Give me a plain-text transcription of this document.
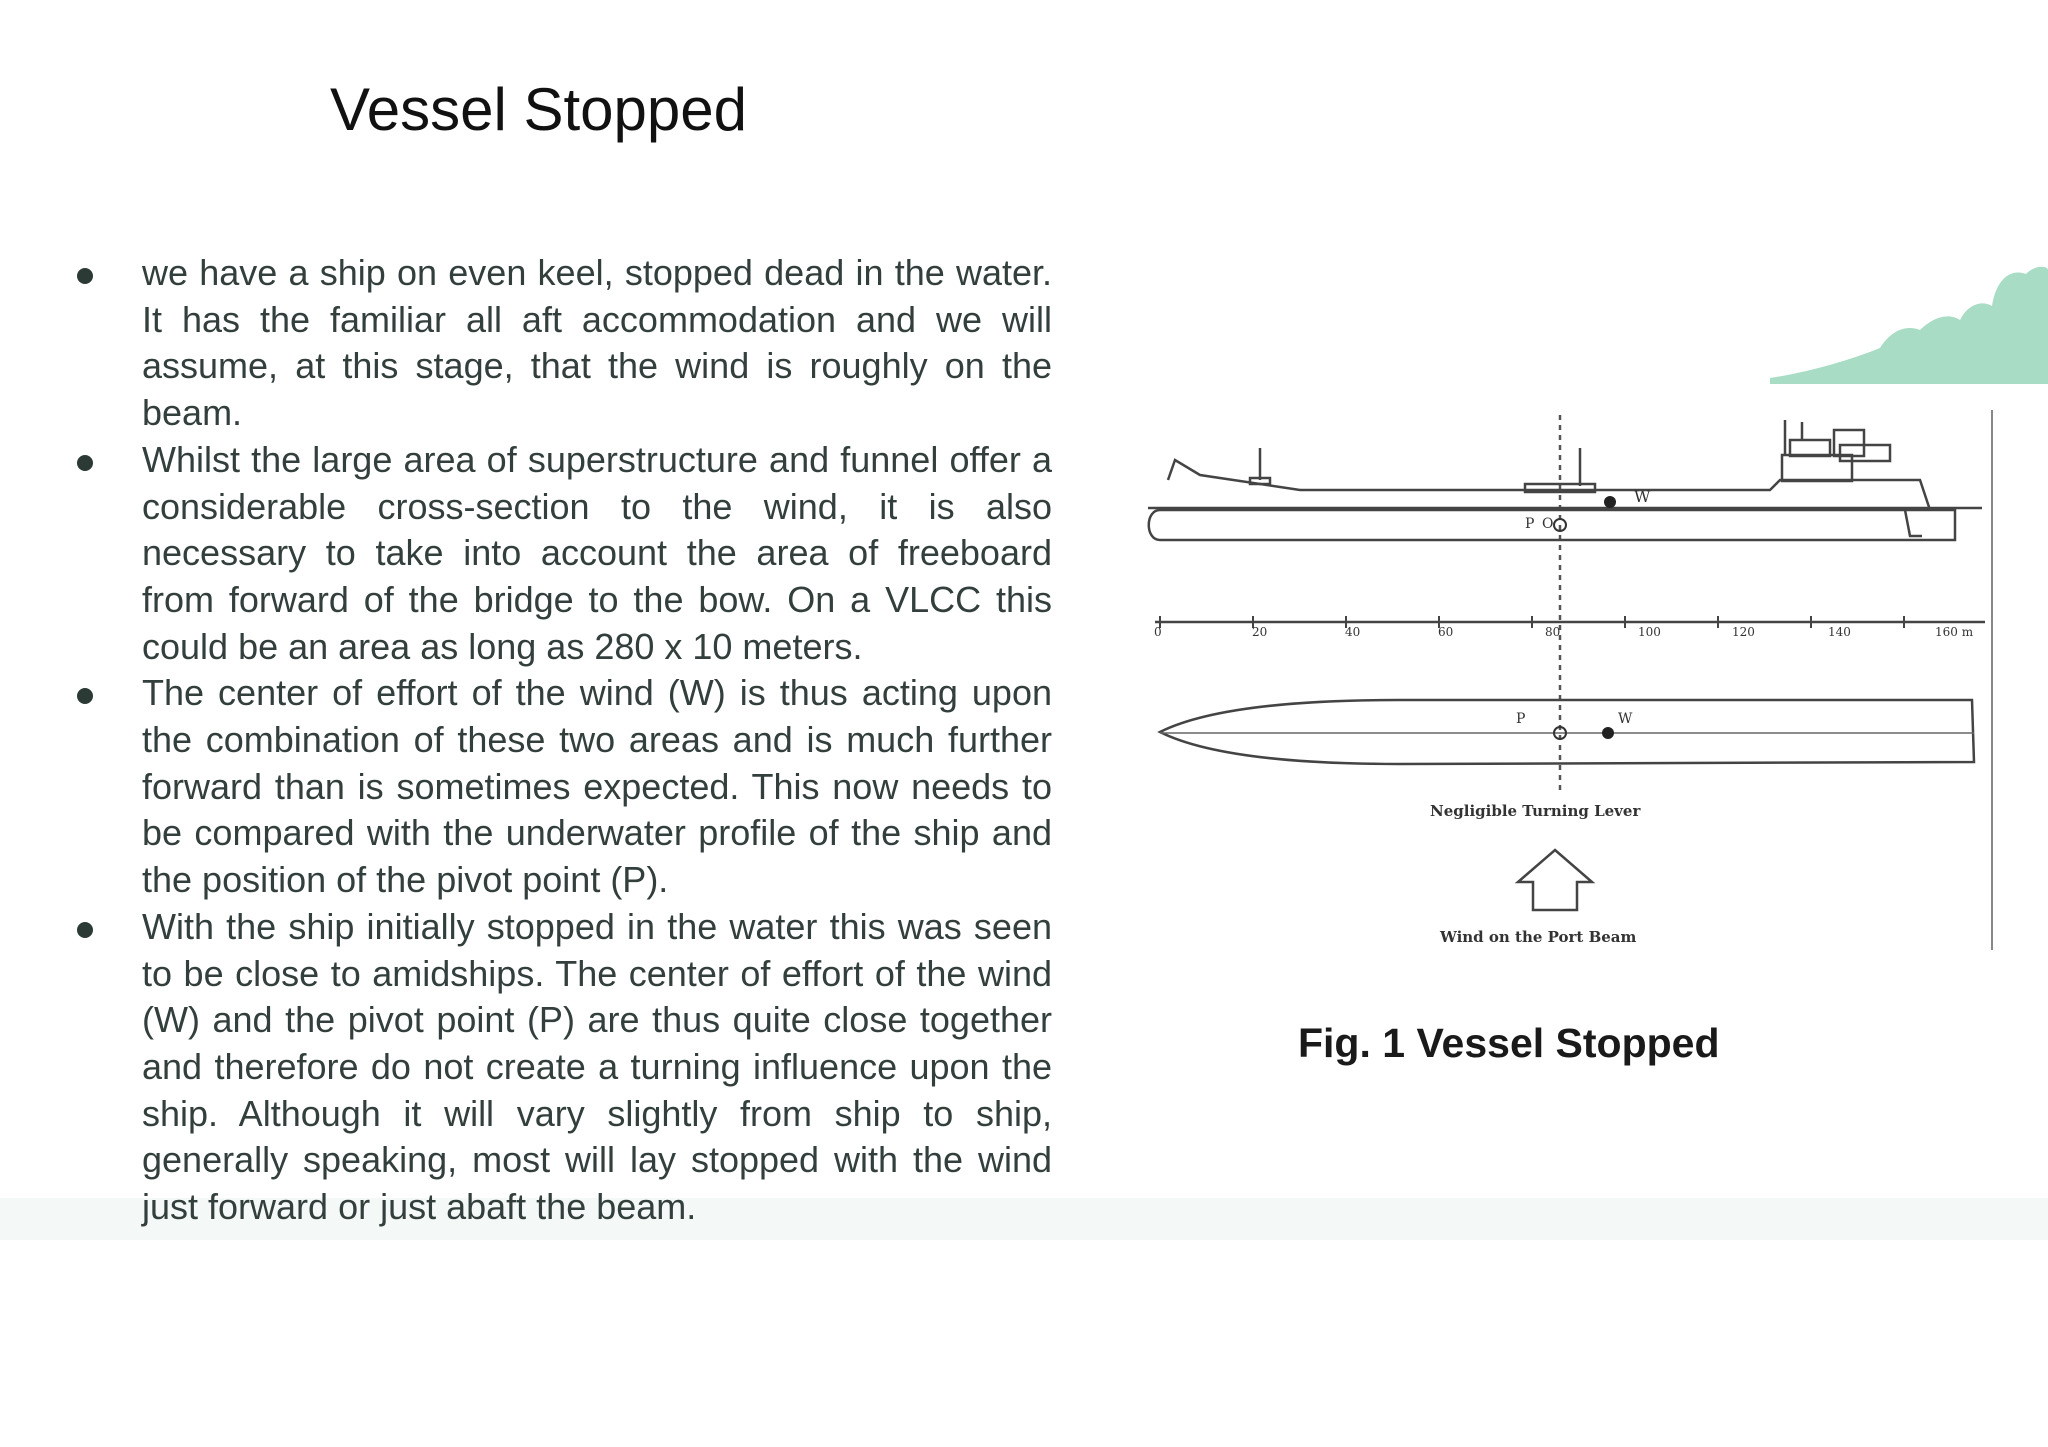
Vessel Stopped
we have a ship on even keel, stopped dead in the water. It has the familiar all aft accommodation and we will assume, at this stage, that the wind is roughly on the beam.
Whilst the large area of superstructure and funnel offer a considerable cross-section to the wind, it is also necessary to take into account the area of freeboard from forward of the bridge to the bow. On a VLCC this could be an area as long as 280 x 10 meters.
The center of effort of the wind (W) is thus acting upon the combination of these two areas and is much further forward than is sometimes expected. This now needs to be compared with the underwater profile of the ship and the position of the pivot point (P).
With the ship initially stopped in the water this was seen to be close to amidships. The center of effort of the wind (W) and the pivot point (P) are thus quite close together and therefore do not create a turning influence upon the ship. Although it will vary slightly from ship to ship, generally speaking, most will lay stopped with the wind just forward or just abaft the beam.
W
P O
0	20	40	60	80	100	120	140	160 m
P	W
Negligible Turning Lever
Wind on the Port Beam
Fig. 1 Vessel Stopped
